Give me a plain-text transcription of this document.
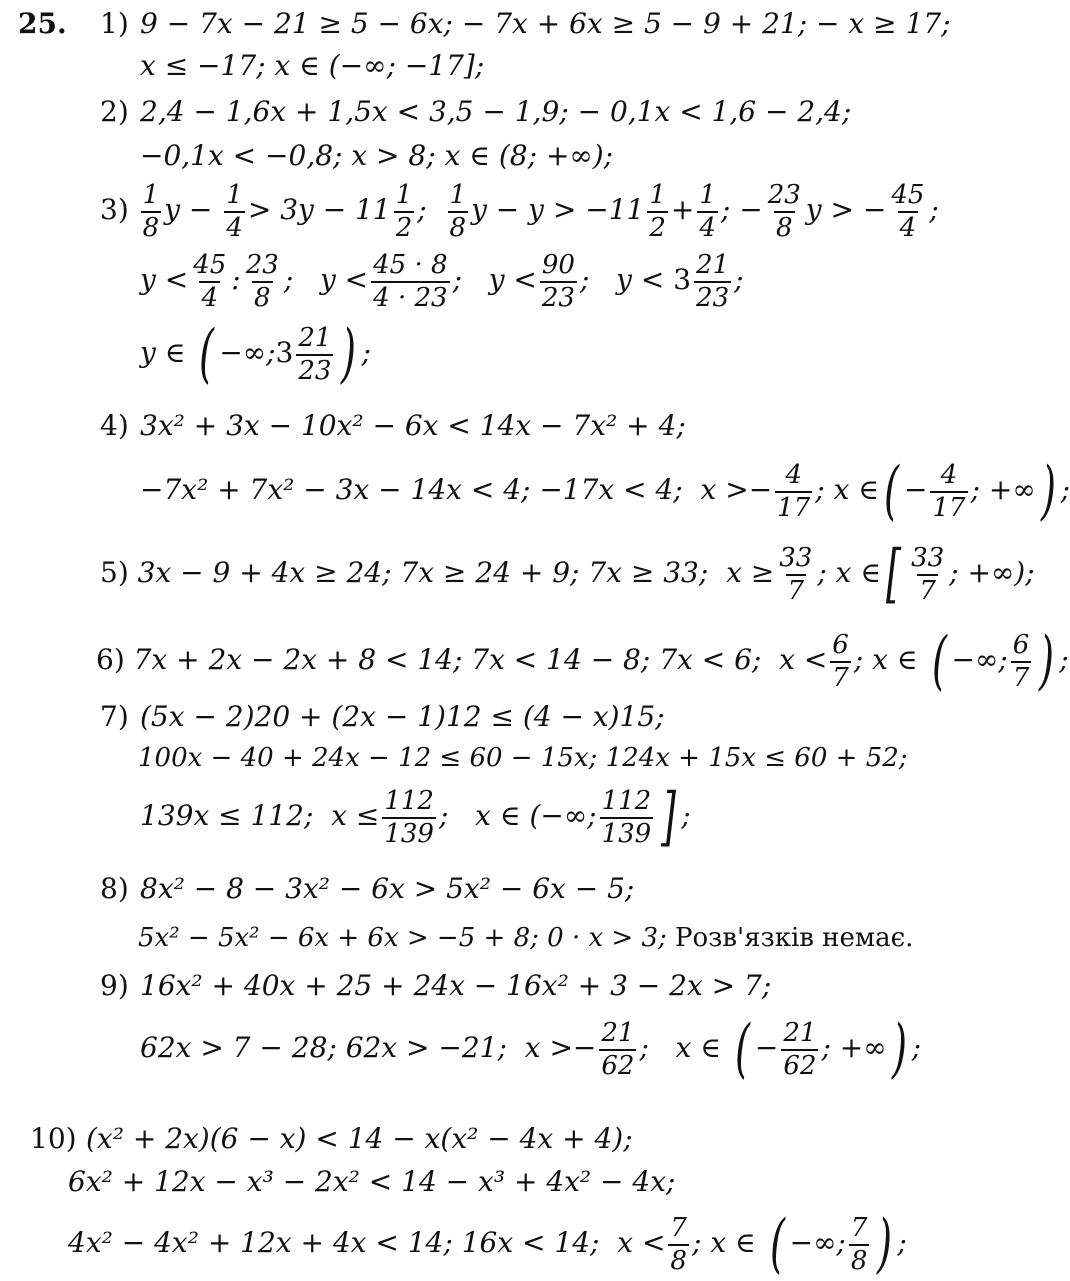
25. 1) 9 − 7x − 21 ≥ 5 − 6x; − 7x + 6x ≥ 5 − 9 + 21; − x ≥ 17;
x ≤ −17; x ∈ (−∞; −17];
2) 2,4 − 1,6x + 1,5x < 3,5 − 1,9; − 0,1x < 1,6 − 2,4;
−0,1x < −0,8; x > 8; x ∈ (8; +∞);
$3) \frac{1}{8}$ $y - \frac{1}{4} > 3y - 11 \frac{1}{2}$ ; $\frac{1}{8}$ $y - y > -11 \frac{1}{2} + \frac{1}{4}$ ; − $\frac{23}{8}$ y > − $\frac{45}{4}$ ;
$y < \frac{45}{4}$ : $\frac{23}{8}$ ; $y < \frac{45 \cdot 8}{4 \cdot 23}$ ; $y < \frac{90}{23}$ ; $y < 3 \frac{21}{23}$ ;
y ∈ ( −∞;3 $\frac{21}{23}$ ) ;
4) 3x² + 3x − 10x² − 6x < 14x − 7x² + 4;
−7x² + 7x² − 3x − 14x < 4; −17x < 4; $x >- \frac{4}{17}$ ; x ∈( − $\frac{4}{17}$ ; +∞) ;
5) 3x − 9 + 4x ≥ 24; 7x ≥ 24 + 9; 7x ≥ 33; $x \ge \frac{33}{7}$ ; x ∈[ $\frac{33}{7}$ ; +∞);
6) 7x + 2x − 2x + 8 < 14; 7x < 14 − 8; 7x < 6; $x < \frac{6}{7}$ ; x ∈ ( −∞; $\frac{6}{7}$ ) ;
7) (5x − 2)20 + (2x − 1)12 ≤ (4 − x)15;
100x − 40 + 24x − 12 ≤ 60 − 15x; 124x + 15x ≤ 60 + 52;
139x ≤ 112; $x \le \frac{112}{139}$ ; x ∈ (−∞; $\frac{112}{139}$ ] ;
8) 8x² − 8 − 3x² − 6x > 5x² − 6x − 5;
5x² − 5x² − 6x + 6x > −5 + 8; 0 · x > 3; Розв'язків немає.
9) 16x² + 40x + 25 + 24x − 16x² + 3 − 2x > 7;
62x > 7 − 28; 62x > −21; $x >- \frac{21}{62}$ ; x ∈ ( − $\frac{21}{62}$ ; +∞) ;
10) (x² + 2x)(6 − x) < 14 − x(x² − 4x + 4);
6x² + 12x − x³ − 2x² < 14 − x³ + 4x² − 4x;
4x² − 4x² + 12x + 4x < 14; 16x < 14; $x < \frac{7}{8}$ ; x ∈ ( −∞; $\frac{7}{8}$ ) ;
